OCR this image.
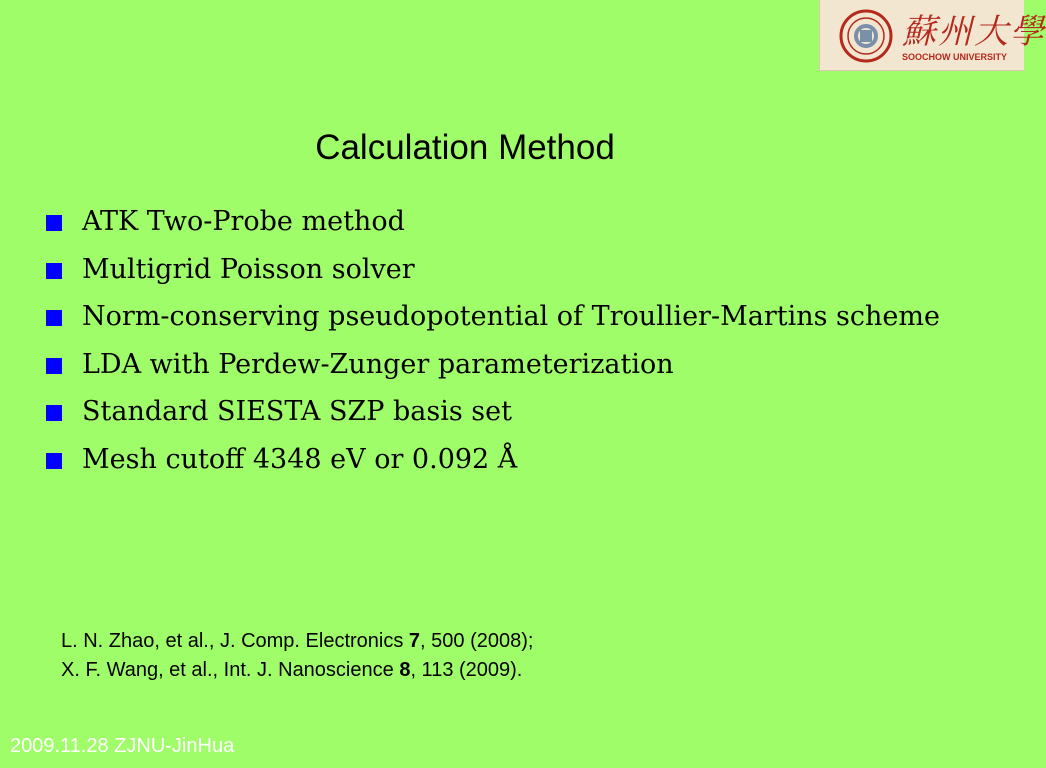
蘇州大學
SOOCHOW UNIVERSITY
Calculation Method
ATK Two-Probe method
Multigrid Poisson solver
Norm-conserving pseudopotential of Troullier-Martins scheme
LDA with Perdew-Zunger parameterization
Standard SIESTA SZP basis set
Mesh cutoff 4348 eV or 0.092 Å
L. N. Zhao, et al., J. Comp. Electronics 7, 500 (2008);
X. F. Wang, et al., Int. J. Nanoscience 8, 113 (2009).
2009.11.28 ZJNU-JinHua
